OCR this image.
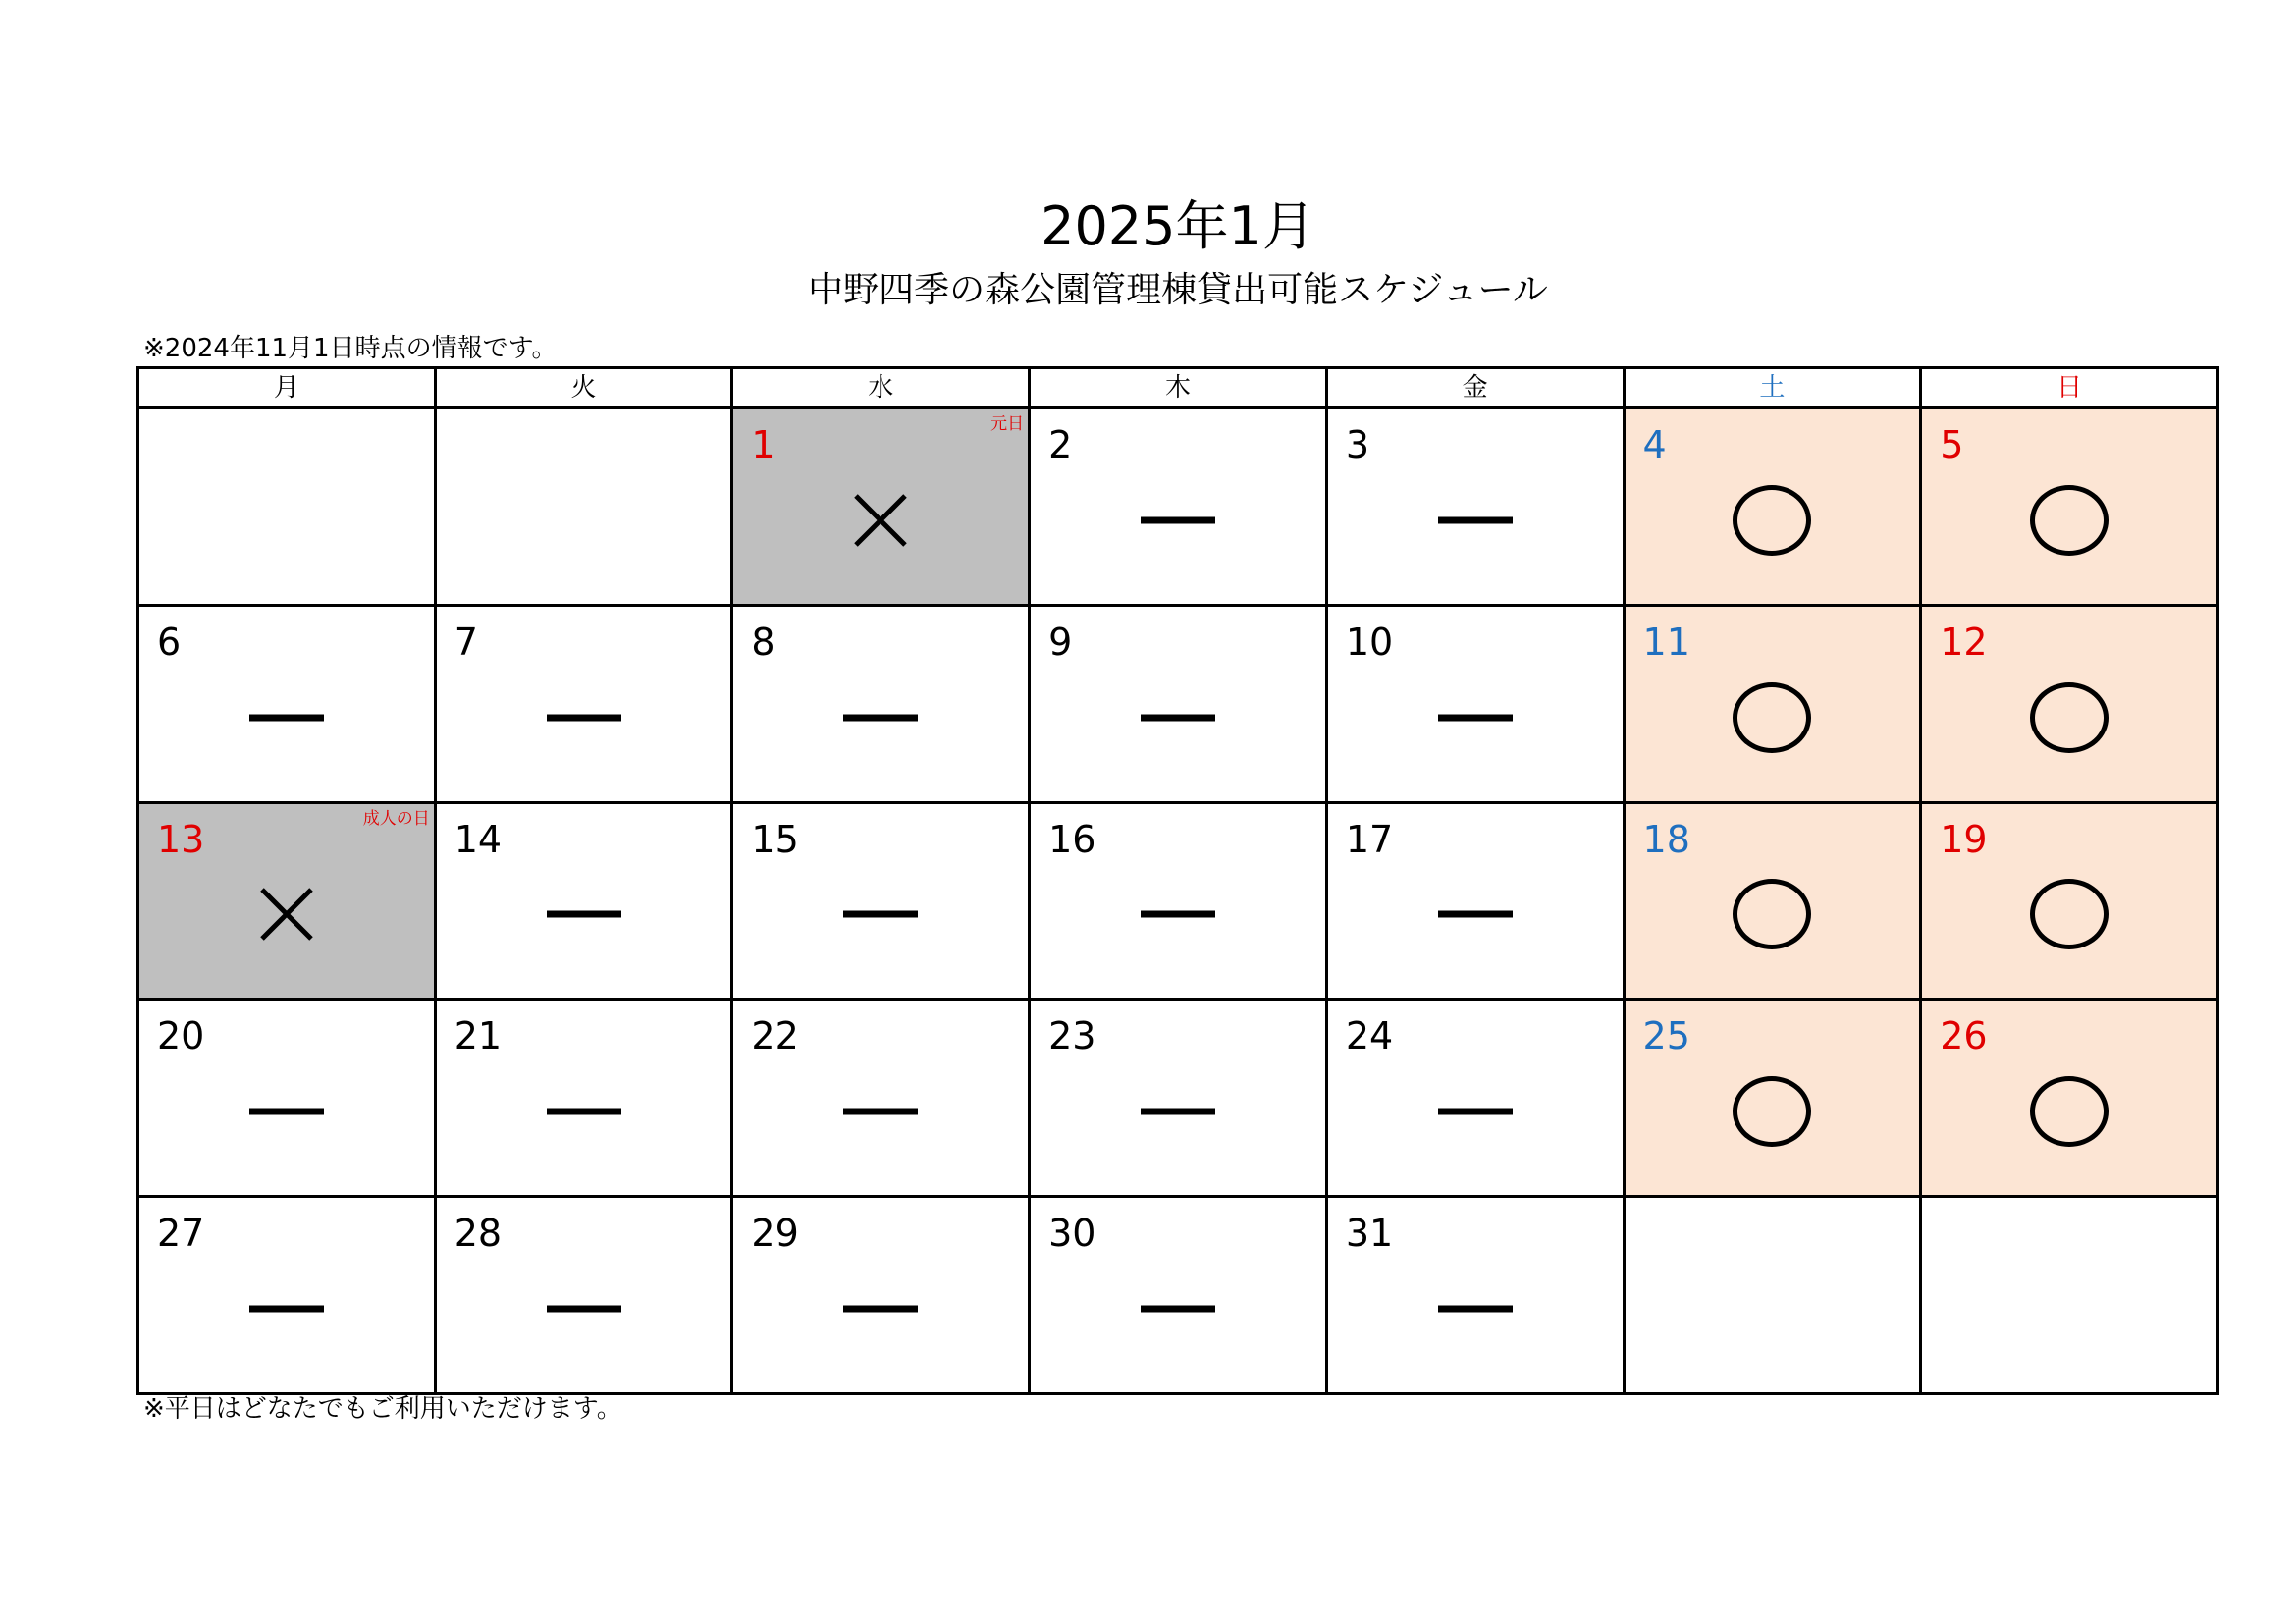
2025年1月
中野四季の森公園管理棟貸出可能スケジュール
※2024年11月1日時点の情報です。
月	火	水	木	金	土	日

		1 元日	2	3	4	5

6	7	8	9	10	11	12

13 成人の日	14	15	16	17	18	19

20	21	22	23	24	25	26

27	28	29	30	31		

※平日はどなたでもご利用いただけます。
